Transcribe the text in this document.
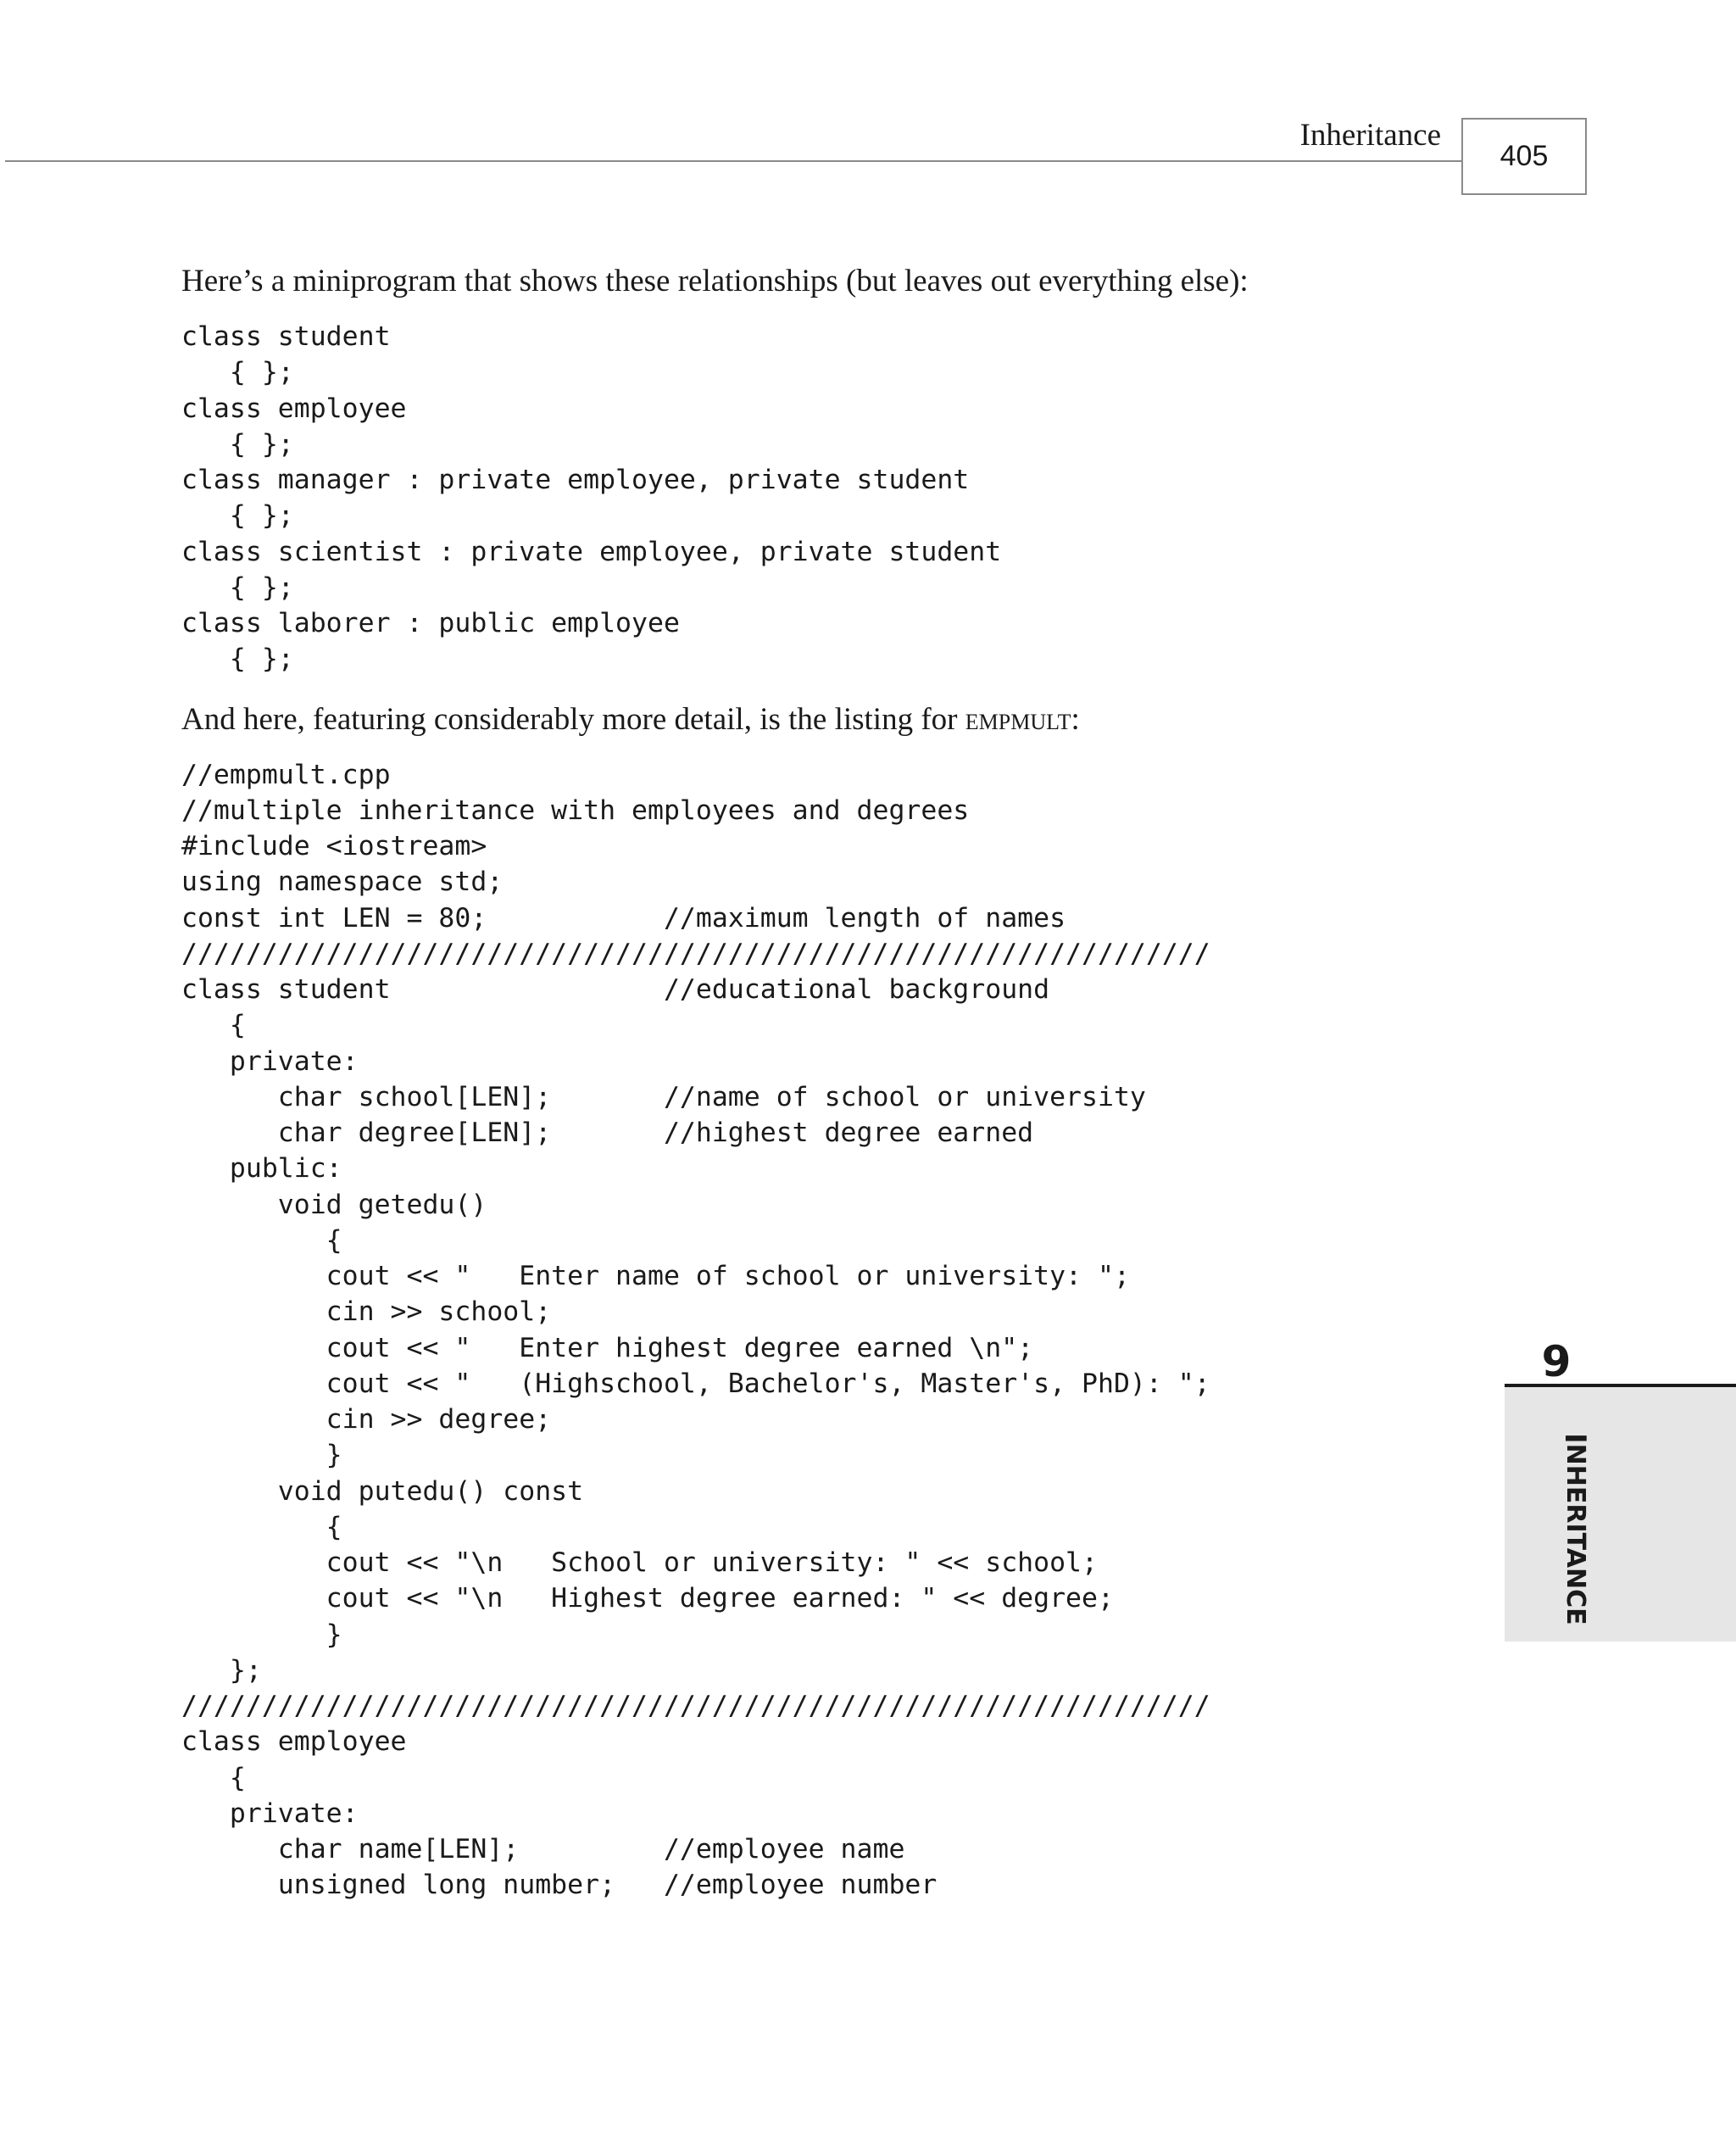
Inheritance
405

Here’s a miniprogram that shows these relationships (but leaves out everything else):

class student
{ };
class employee
{ };
class manager : private employee, private student
{ };
class scientist : private employee, private student
{ };
class laborer : public employee
{ };

And here, featuring considerably more detail, is the listing for empmult:

//empmult.cpp
//multiple inheritance with employees and degrees
#include <iostream>
using namespace std;
const int LEN = 80;           //maximum length of names
////////////////////////////////////////////////////////////////
class student                 //educational background
{
private:
char school[LEN];       //name of school or university
char degree[LEN];       //highest degree earned
public:
void getedu()
{
cout << "   Enter name of school or university: ";
cin >> school;
cout << "   Enter highest degree earned \n";
cout << "   (Highschool, Bachelor's, Master's, PhD): ";
cin >> degree;
}
void putedu() const
{
cout << "\n   School or university: " << school;
cout << "\n   Highest degree earned: " << degree;
}
};
////////////////////////////////////////////////////////////////
class employee
{
private:
char name[LEN];         //employee name
unsigned long number;   //employee number
9
INHERITANCE
